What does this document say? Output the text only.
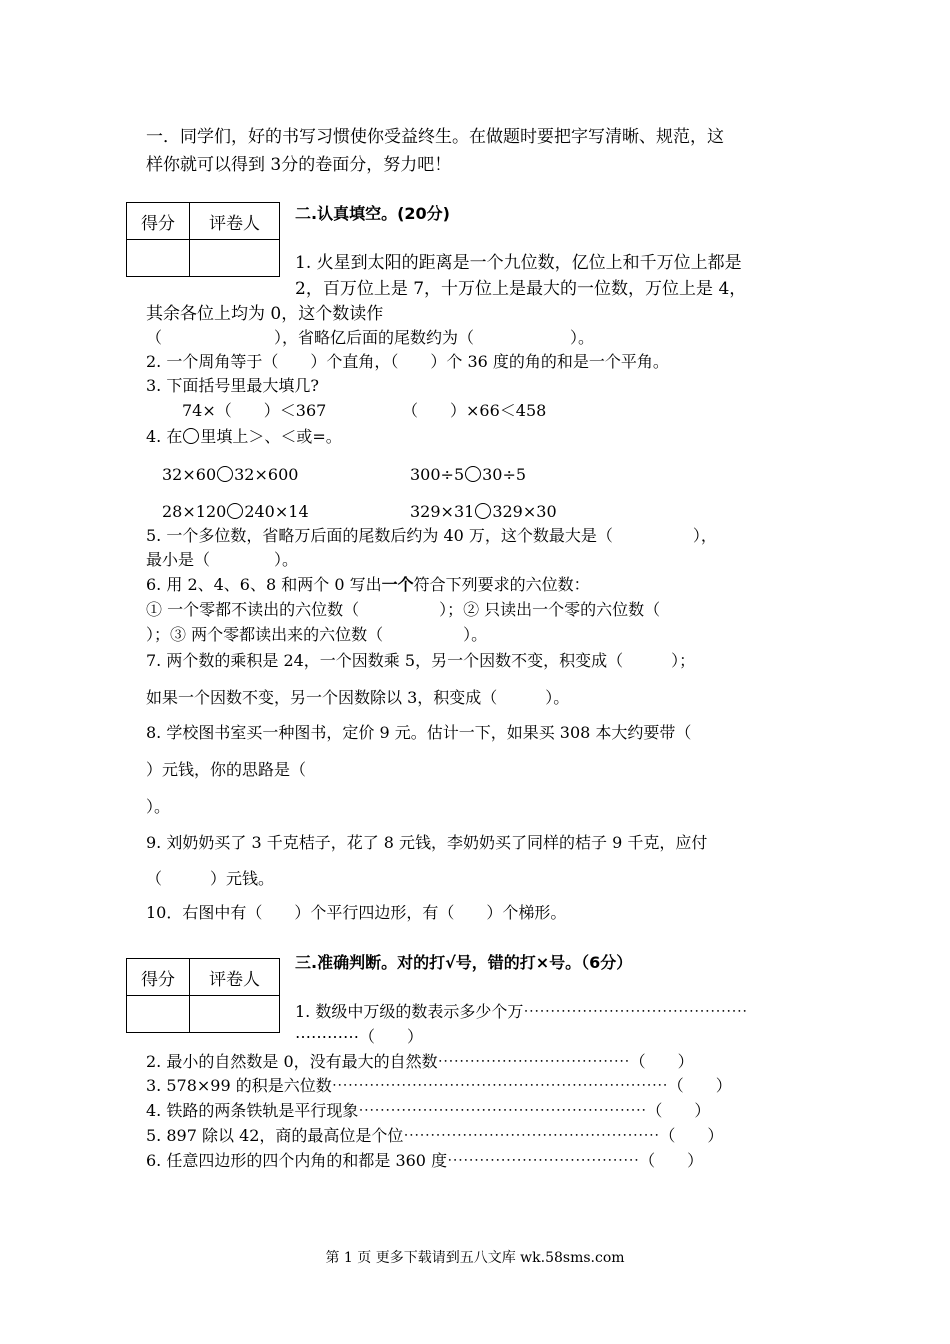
一．同学们，好的书写习惯使你受益终生。在做题时要把字写清晰、规范，这
样你就可以得到 3分的卷面分，努力吧！
得分	评卷人
	二.认真填空。(20分)
1. 火星到太阳的距离是一个九位数，亿位上和千万位上都是
2，百万位上是 7，十万位上是最大的一位数，万位上是 4，
其余各位上均为 0，这个数读作
（　　　　　　　），省略亿后面的尾数约为（　　　　　　）。
2. 一个周角等于（　　）个直角，（　　）个 36 度的角的和是一个平角。
3. 下面括号里最大填几?
74×（　　）＜367	（　　）×66＜458
4. 在 里填上＞、＜或=。
32×60 32×600	300÷5 30÷5
28×120 240×14	329×31 329×30
5. 一个多位数，省略万后面的尾数后约为 40 万，这个数最大是（　　　　　），
最小是（　　　　）。
6. 用 2、4、6、8 和两个 0 写出一个符合下列要求的六位数：
① 一个零都不读出的六位数（　　　　　）；② 只读出一个零的六位数（
）；③ 两个零都读出来的六位数（　　　　　）。
7. 两个数的乘积是 24，一个因数乘 5，另一个因数不变，积变成（　　　）；
如果一个因数不变，另一个因数除以 3，积变成（　　　）。
8. 学校图书室买一种图书，定价 9 元。估计一下，如果买 308 本大约要带（
）元钱，你的思路是（
）。
9. 刘奶奶买了 3 千克桔子，花了 8 元钱，李奶奶买了同样的桔子 9 千克，应付
（　　　）元钱。
10．右图中有（　　）个平行四边形，有（　　）个梯形。
得分	评卷人

三.准确判断。对的打√号，错的打×号。（6分）
1. 数级中万级的数表示多少个万⋯⋯⋯⋯⋯⋯⋯⋯⋯⋯⋯⋯⋯⋯
⋯⋯⋯⋯（　　）
2. 最小的自然数是 0，没有最大的自然数⋯⋯⋯⋯⋯⋯⋯⋯⋯⋯⋯⋯（　　）
3. 578×99 的积是六位数⋯⋯⋯⋯⋯⋯⋯⋯⋯⋯⋯⋯⋯⋯⋯⋯⋯⋯⋯⋯⋯（　　）
4. 铁路的两条铁轨是平行现象⋯⋯⋯⋯⋯⋯⋯⋯⋯⋯⋯⋯⋯⋯⋯⋯⋯⋯（　　）
5. 897 除以 42，商的最高位是个位⋯⋯⋯⋯⋯⋯⋯⋯⋯⋯⋯⋯⋯⋯⋯⋯（　　）
6. 任意四边形的四个内角的和都是 360 度⋯⋯⋯⋯⋯⋯⋯⋯⋯⋯⋯⋯（　　）
第 1 页 更多下载请到五八文库 wk.58sms.com
